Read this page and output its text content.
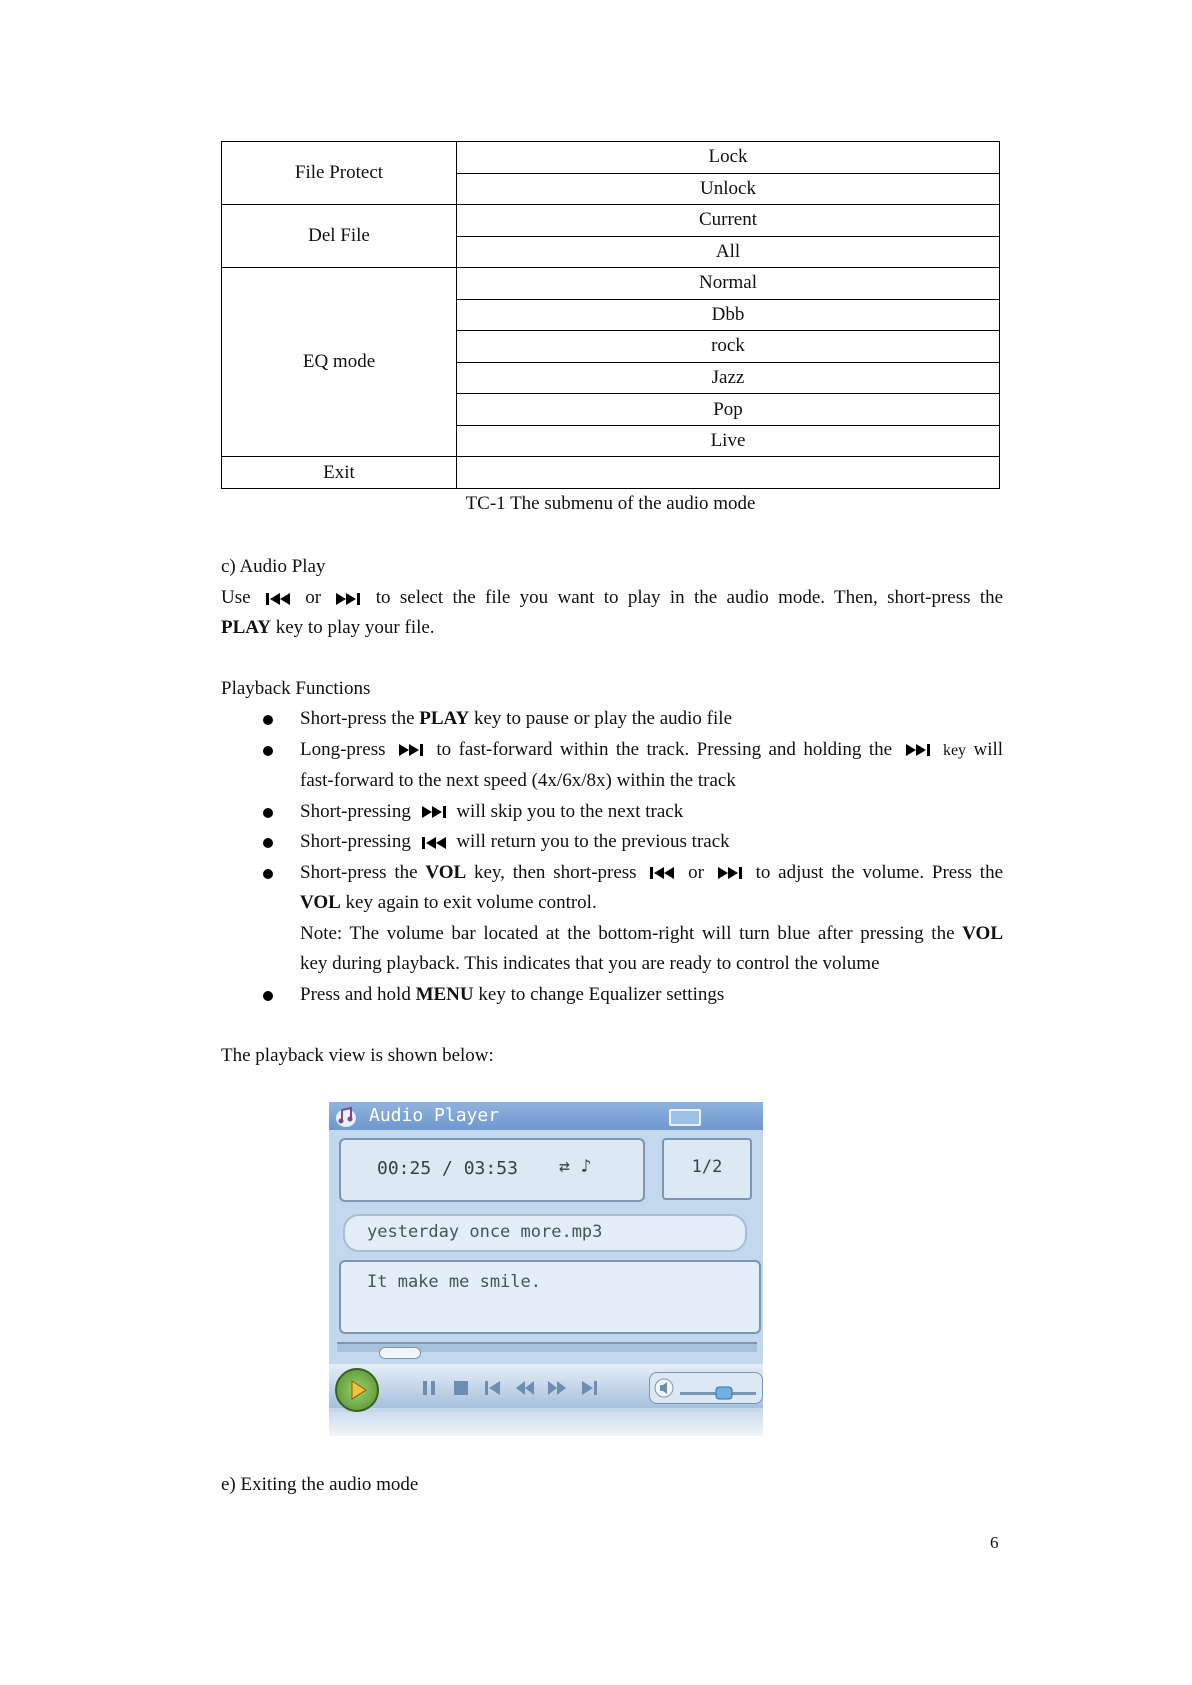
File Protect	Lock
	Unlock
Del File	Current
	All
EQ mode	Normal
	Dbb
	rock
	Jazz
	Pop
	Live
Exit	
TC-1 The submenu of the audio mode
c) Audio Play
Use	or	to select the file you want to play in the audio mode. Then, short-press the
PLAY key to play your file.
Playback Functions
Short-press the PLAY key to pause or play the audio file
Long-press	to fast-forward within the track. Pressing and holding the	key will
fast-forward to the next speed (4x/6x/8x) within the track
Short-pressing will skip you to the next track
Short-pressing will return you to the previous track
Short-press the VOL key, then short-press	or	to adjust the volume. Press the
VOL key again to exit volume control.
Note: The volume bar located at the bottom-right will turn blue after pressing the VOL
key during playback. This indicates that you are ready to control the volume
Press and hold MENU key to change Equalizer settings
The playback view is shown below:
Audio Player
00:25 / 03:53 ⇄ ♪	1/2
yesterday once more.mp3
It make me smile.
e) Exiting the audio mode
6
